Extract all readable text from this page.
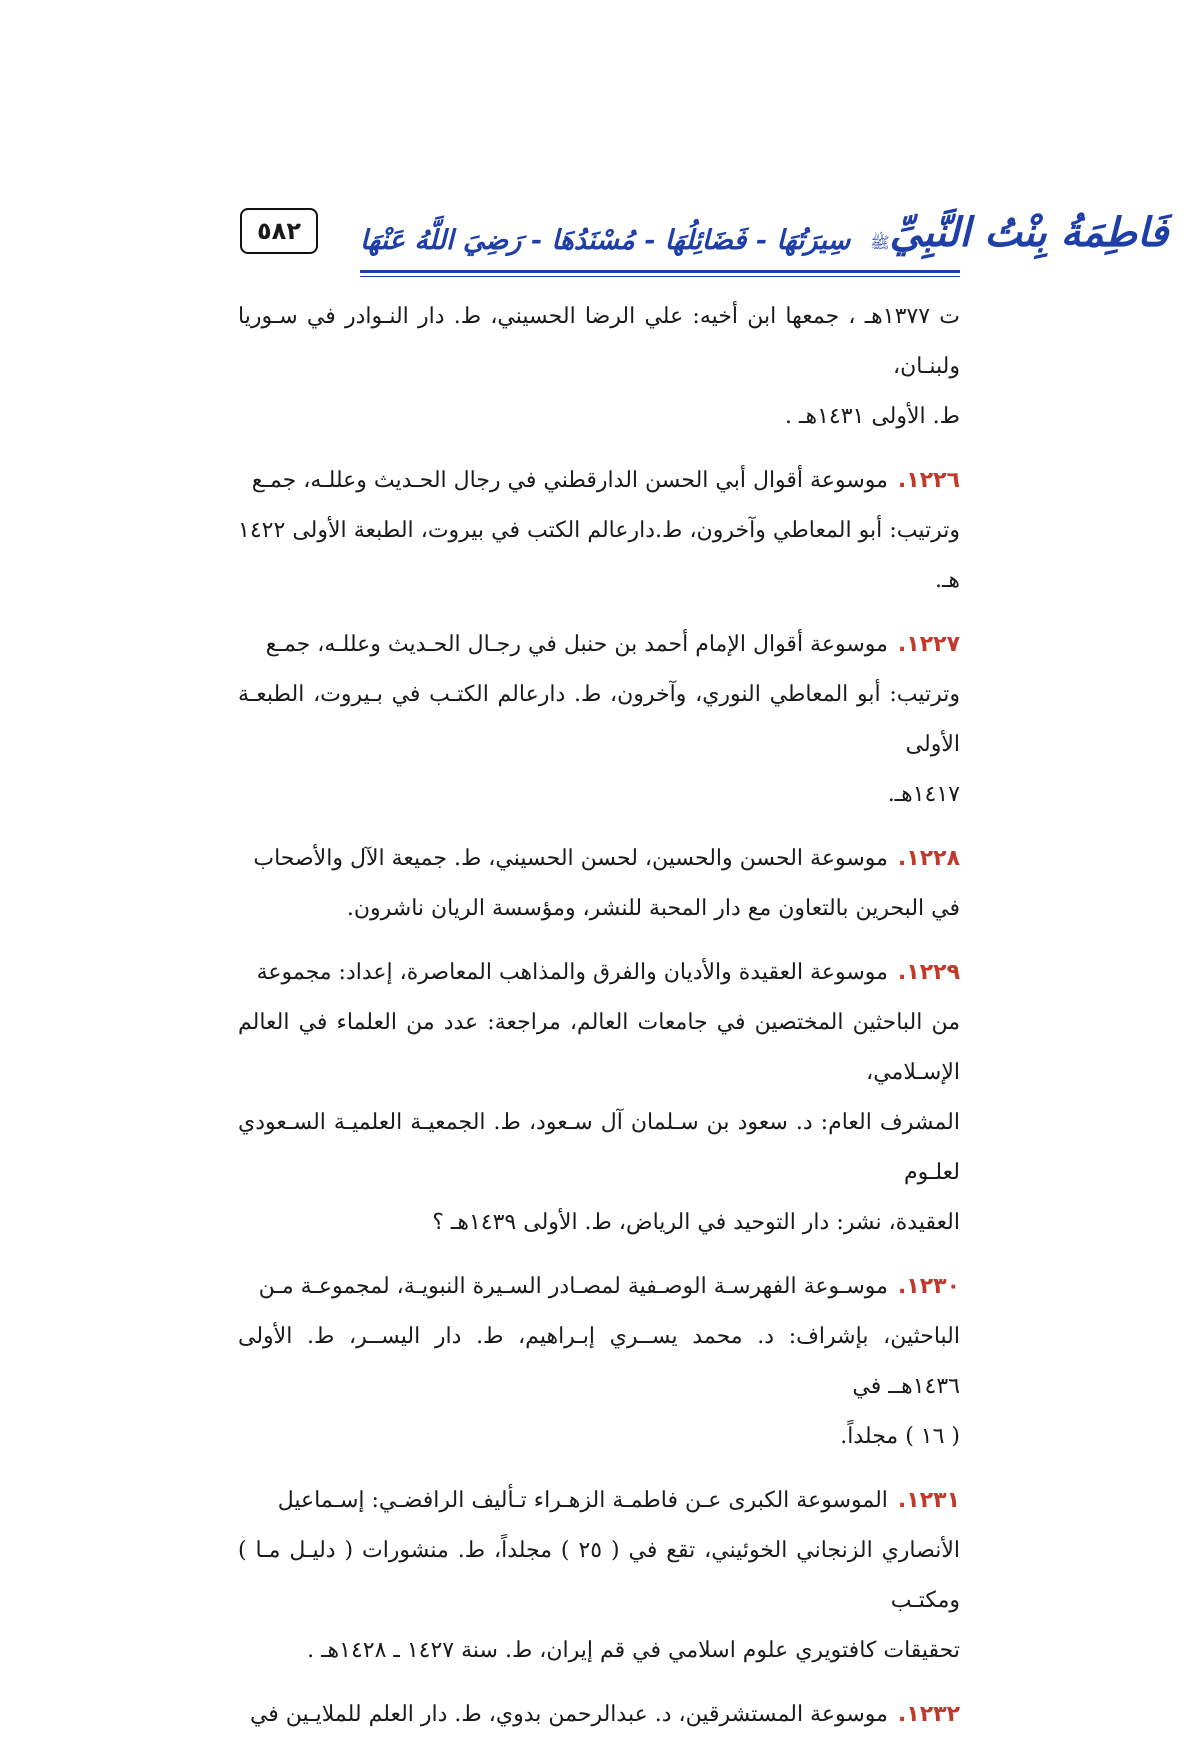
٥٨٢	فَاطِمَةُ بِنْتُ النَّبِيِّ
ﷺ
سِيرَتُهَا - فَضَائِلُهَا - مُسْنَدُهَا - رَضِيَ اللَّهُ عَنْهَا
ت ١٣٧٧هـ ، جمعها ابن أخيه: علي الرضا الحسيني، ط. دار النـوادر في سـوريا ولبنـان،
ط. الأولى ١٤٣١هـ .
١٢٢٦.موسوعة أقوال أبي الحسن الدارقطني في رجال الحـديث وعللـه، جمـع
وترتيب: أبو المعاطي وآخرون، ط.دارعالم الكتب في بيروت، الطبعة الأولى ١٤٢٢ هـ.
١٢٢٧.موسوعة أقوال الإمام أحمد بن حنبل في رجـال الحـديث وعللـه، جمـع
وترتيب: أبو المعاطي النوري، وآخرون، ط. دارعالم الكتـب في بـيروت، الطبعـة الأولى
١٤١٧هـ.
١٢٢٨.موسوعة الحسن والحسين، لحسن الحسيني، ط. جميعة الآل والأصحاب
في البحرين بالتعاون مع دار المحبة للنشر، ومؤسسة الريان ناشرون.
١٢٢٩.موسوعة العقيدة والأديان والفرق والمذاهب المعاصرة، إعداد: مجموعة
من الباحثين المختصين في جامعات العالم، مراجعة: عدد من العلماء في العالم الإسـلامي،
المشرف العام: د. سعود بن سـلمان آل سـعود، ط. الجمعيـة العلميـة السـعودي لعلـوم
العقيدة، نشر: دار التوحيد في الرياض، ط. الأولى ١٤٣٩هـ ؟
١٢٣٠.موسـوعة الفهرسـة الوصـفية لمصـادر السـيرة النبويـة، لمجموعـة مـن
الباحثين، بإشراف: د. محمد يســري إبـراهيم، ط. دار اليســر، ط. الأولى ١٤٣٦هــ في
( ١٦ ) مجلداً.
١٢٣١.الموسوعة الكبرى عـن فاطمـة الزهـراء تـأليف الرافضـي: إسـماعيل
الأنصاري الزنجاني الخوئيني، تقع في ( ٢٥ ) مجلداً، ط. منشورات ( دليـل مـا ) ومكتـب
تحقيقات كافتويري علوم اسلامي في قم إيران، ط. سنة ١٤٢٧ ـ ١٤٢٨هـ .
١٢٣٢.موسوعة المستشرقين، د. عبدالرحمن بدوي، ط. دار العلم للملايـين في
